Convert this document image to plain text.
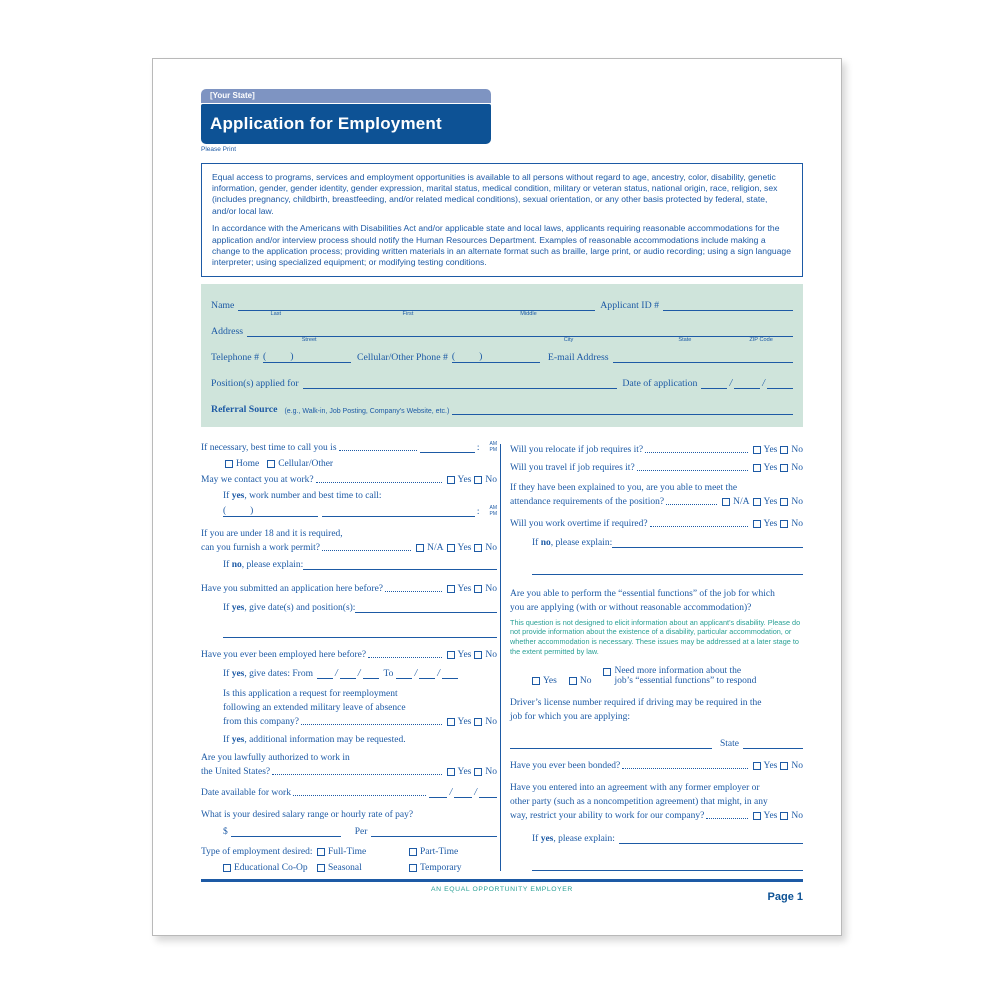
[Your State]
Application for Employment
Please Print

Equal access to programs, services and employment opportunities is available to all persons without regard to age, ancestry, color, disability, genetic information, gender, gender identity, gender expression, marital status, medical condition, military or veteran status, national origin, race, religion, sex (includes pregnancy, childbirth, breastfeeding, and/or related medical conditions), sexual orientation, or any other basis protected by federal, state, and/or local law.

In accordance with the Americans with Disabilities Act and/or applicable state and local laws, applicants requiring reasonable accommodations for the application and/or interview process should notify the Human Resources Department. Examples of reasonable accommodations include making a change to the application process; providing written materials in an alternate format such as braille, large print, or audio recording; using a sign language interpreter; using specialized equipment; or modifying testing conditions.

Name
Last	First	Middle
Applicant ID #
Address
Street	City	State	ZIP Code
Telephone # ( )	Cellular/Other Phone # ( )	E-mail Address
Position(s) applied for	Date of application	/	/
Referral Source (e.g., Walk-in, Job Posting, Company’s Website, etc.)
If necessary, best time to call you is	: AM
PM
Home Cellular/Other
May we contact you at work?	Yes No
If yes, work number and best time to call:
(	)	: AM
PM
If you are under 18 and it is required,
can you furnish a work permit?	N/A Yes No
If no, please explain:
Have you submitted an application here before?	Yes No
If yes, give date(s) and position(s):
Have you ever been employed here before?	Yes No
If yes, give dates: From / / To / /
Is this application a request for reemployment
following an extended military leave of absence
from this company?	Yes No
If yes, additional information may be requested.
Are you lawfully authorized to work in
the United States?	Yes No
Date available for work	/ /
What is your desired salary range or hourly rate of pay?
$	Per
Type of employment desired:	Full-Time	Part-Time
Educational Co-Op Seasonal	Temporary
Will you relocate if job requires it?	Yes No
Will you travel if job requires it?	Yes No
If they have been explained to you, are you able to meet the
attendance requirements of the position?	N/A Yes No
Will you work overtime if required?	Yes No
If no, please explain:
Are you able to perform the “essential functions” of the job for which
you are applying (with or without reasonable accommodation)?
This question is not designed to elicit information about an applicant’s disability. Please do not provide information about the existence of a disability, particular accommodation, or whether accommodation is necessary. These issues may be addressed at a later stage to the extent permitted by law.
Yes No
Need more information about the
job’s “essential functions” to respond
Driver’s license number required if driving may be required in the
job for which you are applying:
State
Have you ever been bonded?	Yes No
Have you entered into an agreement with any former employer or
other party (such as a noncompetition agreement) that might, in any
way, restrict your ability to work for our company?	Yes No
If yes, please explain:
AN EQUAL OPPORTUNITY EMPLOYER
Page 1
